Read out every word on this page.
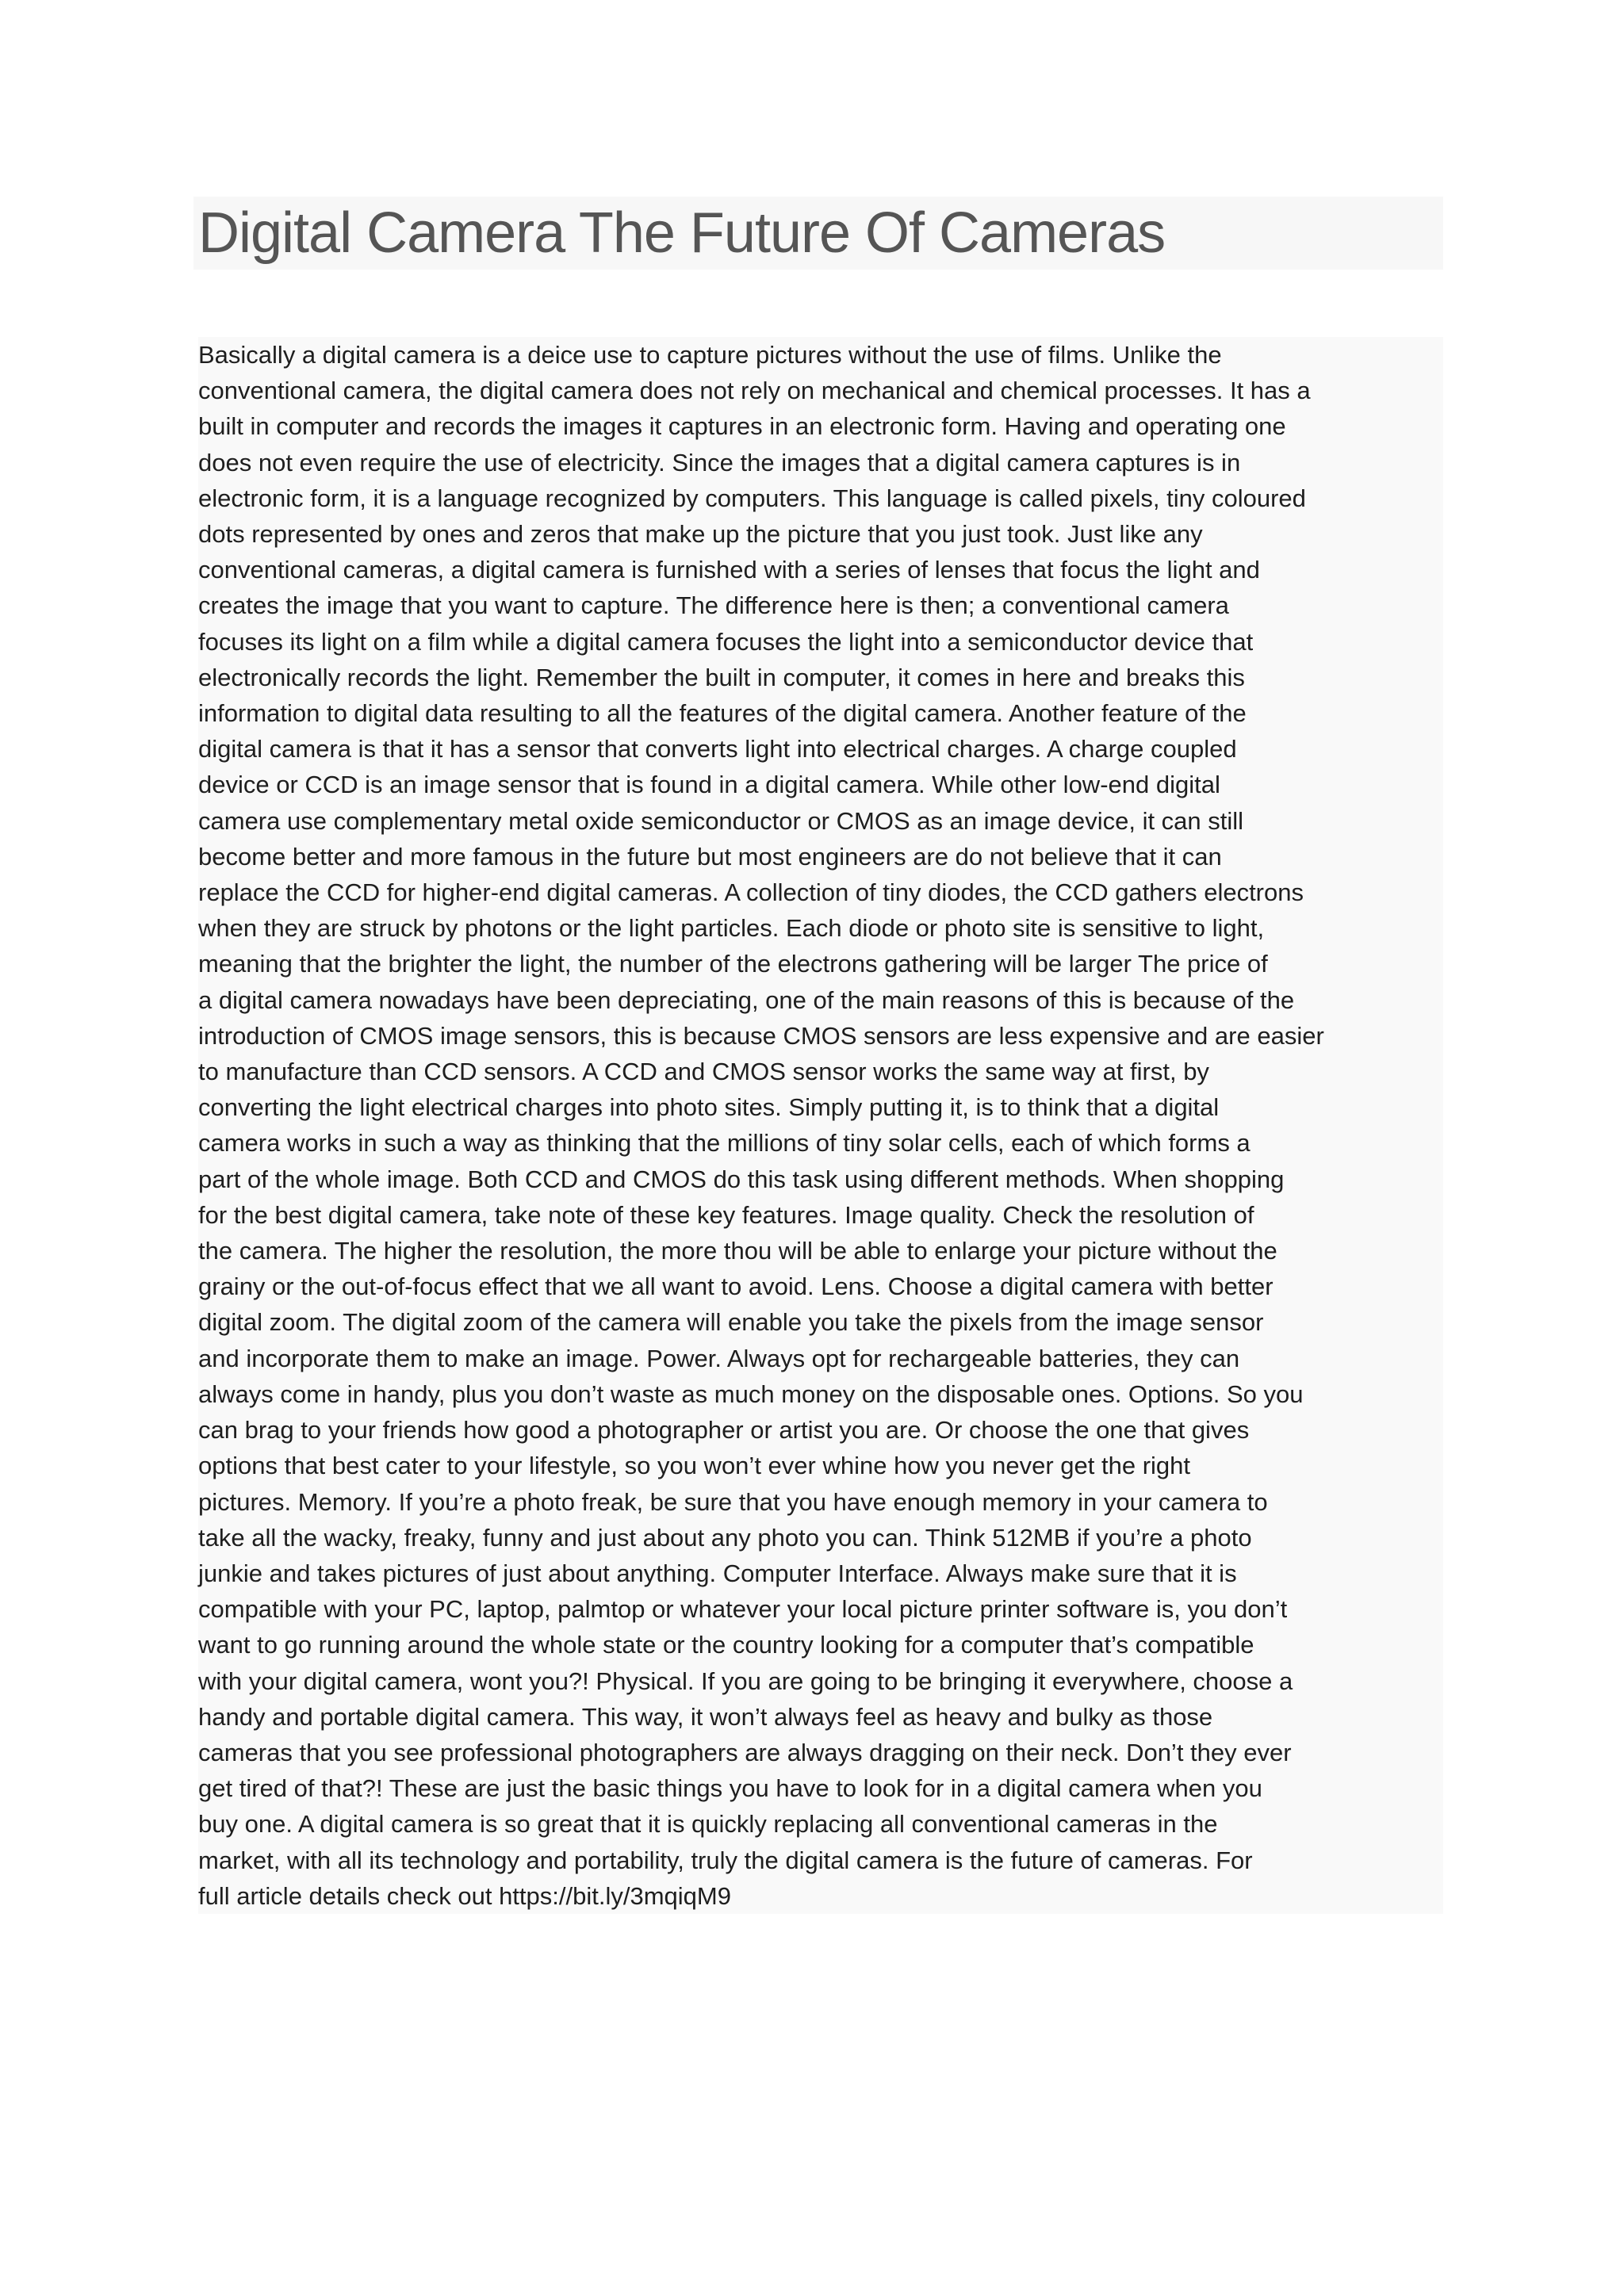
Digital Camera The Future Of Cameras
Basically a digital camera is a deice use to capture pictures without the use of films. Unlike the
conventional camera, the digital camera does not rely on mechanical and chemical processes. It has a
built in computer and records the images it captures in an electronic form. Having and operating one
does not even require the use of electricity. Since the images that a digital camera captures is in
electronic form, it is a language recognized by computers. This language is called pixels, tiny coloured
dots represented by ones and zeros that make up the picture that you just took. Just like any
conventional cameras, a digital camera is furnished with a series of lenses that focus the light and
creates the image that you want to capture. The difference here is then; a conventional camera
focuses its light on a film while a digital camera focuses the light into a semiconductor device that
electronically records the light. Remember the built in computer, it comes in here and breaks this
information to digital data resulting to all the features of the digital camera. Another feature of the
digital camera is that it has a sensor that converts light into electrical charges. A charge coupled
device or CCD is an image sensor that is found in a digital camera. While other low-end digital
camera use complementary metal oxide semiconductor or CMOS as an image device, it can still
become better and more famous in the future but most engineers are do not believe that it can
replace the CCD for higher-end digital cameras. A collection of tiny diodes, the CCD gathers electrons
when they are struck by photons or the light particles. Each diode or photo site is sensitive to light,
meaning that the brighter the light, the number of the electrons gathering will be larger The price of
a digital camera nowadays have been depreciating, one of the main reasons of this is because of the
introduction of CMOS image sensors, this is because CMOS sensors are less expensive and are easier
to manufacture than CCD sensors. A CCD and CMOS sensor works the same way at first, by
converting the light electrical charges into photo sites. Simply putting it, is to think that a digital
camera works in such a way as thinking that the millions of tiny solar cells, each of which forms a
part of the whole image. Both CCD and CMOS do this task using different methods. When shopping
for the best digital camera, take note of these key features. Image quality. Check the resolution of
the camera. The higher the resolution, the more thou will be able to enlarge your picture without the
grainy or the out-of-focus effect that we all want to avoid. Lens. Choose a digital camera with better
digital zoom. The digital zoom of the camera will enable you take the pixels from the image sensor
and incorporate them to make an image. Power. Always opt for rechargeable batteries, they can
always come in handy, plus you don’t waste as much money on the disposable ones. Options. So you
can brag to your friends how good a photographer or artist you are. Or choose the one that gives
options that best cater to your lifestyle, so you won’t ever whine how you never get the right
pictures. Memory. If you’re a photo freak, be sure that you have enough memory in your camera to
take all the wacky, freaky, funny and just about any photo you can. Think 512MB if you’re a photo
junkie and takes pictures of just about anything. Computer Interface. Always make sure that it is
compatible with your PC, laptop, palmtop or whatever your local picture printer software is, you don’t
want to go running around the whole state or the country looking for a computer that’s compatible
with your digital camera, wont you?! Physical. If you are going to be bringing it everywhere, choose a
handy and portable digital camera. This way, it won’t always feel as heavy and bulky as those
cameras that you see professional photographers are always dragging on their neck. Don’t they ever
get tired of that?! These are just the basic things you have to look for in a digital camera when you
buy one. A digital camera is so great that it is quickly replacing all conventional cameras in the
market, with all its technology and portability, truly the digital camera is the future of cameras. For
full article details check out https://bit.ly/3mqiqM9
